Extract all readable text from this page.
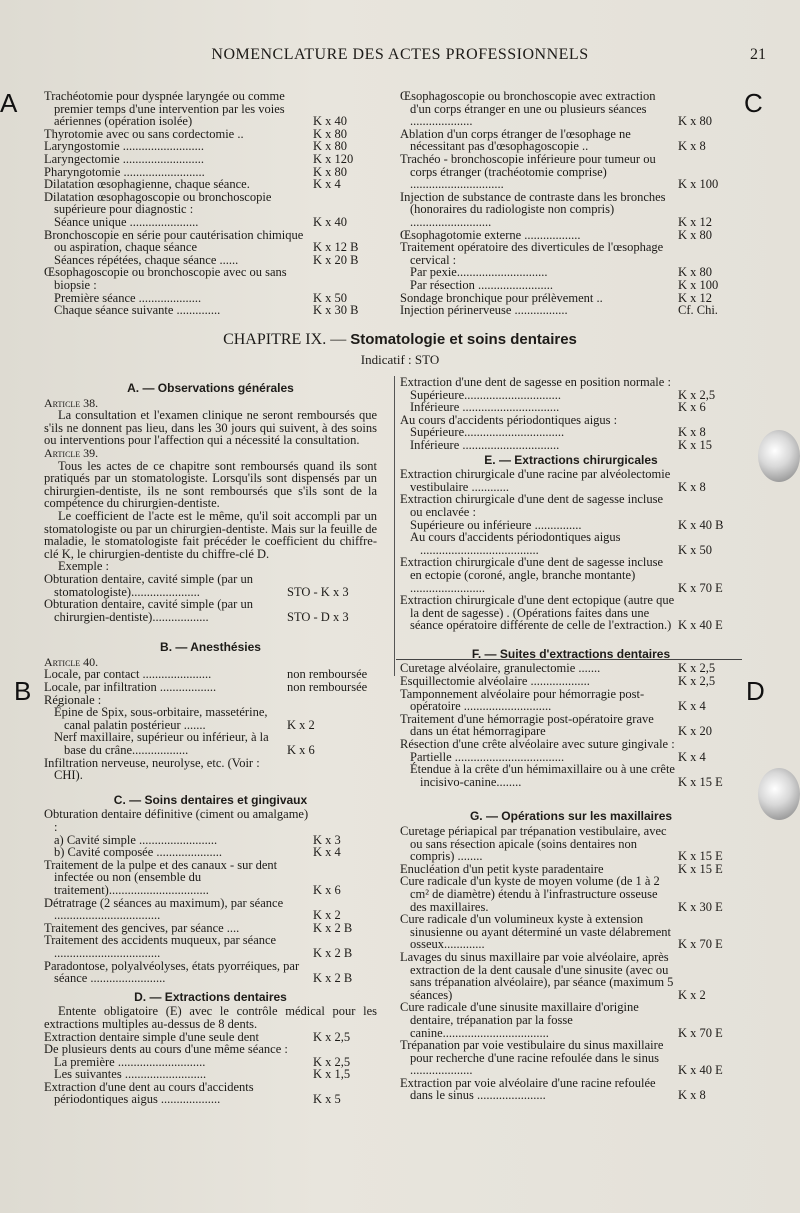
NOMENCLATURE DES ACTES PROFESSIONNELS	21
A	C
B	D
Trachéotomie pour dyspnée laryngée ou comme premier temps d'une intervention par les voies aériennes (opération isolée)	K x 40
Thyrotomie avec ou sans cordectomie ..	K x 80
Laryngostomie ..........................	K x 80
Laryngectomie ..........................	K x 120
Pharyngotomie ..........................	K x 80
Dilatation œsophagienne, chaque séance.	K x 4
Dilatation œsophagoscopie ou bronchoscopie supérieure pour diagnostic :
Séance unique ......................	K x 40
Bronchoscopie en série pour cautérisation chimique ou aspiration, chaque séance	K x 12 B
Séances répétées, chaque séance ......	K x 20 B
Œsophagoscopie ou bronchoscopie avec ou sans biopsie :
Première séance ....................	K x 50
Chaque séance suivante ..............	K x 30 B
Œsophagoscopie ou bronchoscopie avec extraction d'un corps étranger en une ou plusieurs séances ....................	K x 80
Ablation d'un corps étranger de l'œsophage ne nécessitant pas d'œsophagoscopie ..	K x 8
Trachéo - bronchoscopie inférieure pour tumeur ou corps étranger (trachéotomie comprise) ..............................	K x 100
Injection de substance de contraste dans les bronches (honoraires du radiologiste non compris) ..........................	K x 12
Œsophagotomie externe ..................	K x 80
Traitement opératoire des diverticules de l'œsophage cervical :
Par pexie.............................	K x 80
Par résection ........................	K x 100
Sondage bronchique pour prélèvement ..	K x 12
Injection périnerveuse .................	Cf. Chi.
CHAPITRE IX. — Stomatologie et soins dentaires
Indicatif : STO
A. — Observations générales

Article 38.

La consultation et l'examen clinique ne seront remboursés que s'ils ne donnent pas lieu, dans les 30 jours qui suivent, à des soins ou interventions pour l'affection qui a nécessité la consultation.

Article 39.

Tous les actes de ce chapitre sont remboursés quand ils sont pratiqués par un stomatologiste. Lorsqu'ils sont dispensés par un chirurgien-dentiste, ils ne sont remboursés que s'ils sont de la compétence du chirurgien-dentiste.

Le coefficient de l'acte est le même, qu'il soit accompli par un stomatologiste ou par un chirurgien-dentiste. Mais sur la feuille de maladie, le stomatologiste fait précéder le coefficient du chiffre-clé K, le chirurgien-dentiste du chiffre-clé D.

Exemple :

Obturation dentaire, cavité simple (par un stomatologiste)......................	STO - K x 3
Obturation dentaire, cavité simple (par un chirurgien-dentiste)..................	STO - D x 3
B. — Anesthésies

Article 40.

Locale, par contact ......................	non remboursée
Locale, par infiltration ..................	non remboursée
Régionale :
Épine de Spix, sous-orbitaire, massetérine, canal palatin postérieur .......	K x 2
Nerf maxillaire, supérieur ou inférieur, à la base du crâne..................	K x 6
Infiltration nerveuse, neurolyse, etc. (Voir : CHI).
C. — Soins dentaires et gingivaux
Obturation dentaire définitive (ciment ou amalgame) :
a) Cavité simple .........................	K x 3
b) Cavité composée .....................	K x 4
Traitement de la pulpe et des canaux - sur dent infectée ou non (ensemble du traitement)................................	K x 6
Détratrage (2 séances au maximum), par séance ..................................	K x 2
Traitement des gencives, par séance ....	K x 2 B
Traitement des accidents muqueux, par séance ..................................	K x 2 B
Paradontose, polyalvéolyses, états pyorréiques, par séance ........................	K x 2 B
D. — Extractions dentaires

Entente obligatoire (E) avec le contrôle médical pour les extractions multiples au-dessus de 8 dents.

Extraction dentaire simple d'une seule dent	K x 2,5
De plusieurs dents au cours d'une même séance :
La première ............................	K x 2,5
Les suivantes ..........................	K x 1,5
Extraction d'une dent au cours d'accidents périodontiques aigus ...................	K x 5
Extraction d'une dent de sagesse en position normale :
Supérieure...............................	K x 2,5
Inférieure ...............................	K x 6
Au cours d'accidents périodontiques aigus :
Supérieure................................	K x 8
Inférieure ...............................	K x 15
E. — Extractions chirurgicales
Extraction chirurgicale d'une racine par alvéolectomie vestibulaire ............	K x 8
Extraction chirurgicale d'une dent de sagesse incluse ou enclavée :
Supérieure ou inférieure ...............	K x 40 B
Au cours d'accidents périodontiques aigus ......................................	K x 50
Extraction chirurgicale d'une dent de sagesse incluse en ectopie (coroné, angle, branche montante) ........................	K x 70 E
Extraction chirurgicale d'une dent ectopique (autre que la dent de sagesse) . (Opérations faites dans une séance opératoire différente de celle de l'extraction.) K x 40 E
F. — Suites d'extractions dentaires
Curetage alvéolaire, granulectomie .......	K x 2,5
Esquillectomie alvéolaire ...................	K x 2,5
Tamponnement alvéolaire pour hémorragie post-opératoire ............................	K x 4
Traitement d'une hémorragie post-opératoire grave dans un état hémorragipare	K x 20
Résection d'une crête alvéolaire avec suture gingivale :
Partielle ...................................	K x 4
Étendue à la crête d'un hémimaxillaire ou à une crête incisivo-canine........	K x 15 E
G. — Opérations sur les maxillaires
Curetage périapical par trépanation vestibulaire, avec ou sans résection apicale (soins dentaires non compris) ........	K x 15 E
Enucléation d'un petit kyste paradentaire	K x 15 E
Cure radicale d'un kyste de moyen volume (de 1 à 2 cm² de diamètre) étendu à l'infrastructure osseuse des maxillaires.	K x 30 E
Cure radicale d'un volumineux kyste à extension sinusienne ou ayant déterminé un vaste délabrement osseux.............	K x 70 E
Lavages du sinus maxillaire par voie alvéolaire, après extraction de la dent causale d'une sinusite (avec ou sans trépanation alvéolaire), par séance (maximum 5 séances)	K x 2
Cure radicale d'une sinusite maxillaire d'origine dentaire, trépanation par la fosse canine..................................	K x 70 E
Trépanation par voie vestibulaire du sinus maxillaire pour recherche d'une racine refoulée dans le sinus ....................	K x 40 E
Extraction par voie alvéolaire d'une racine refoulée dans le sinus ......................	K x 8
